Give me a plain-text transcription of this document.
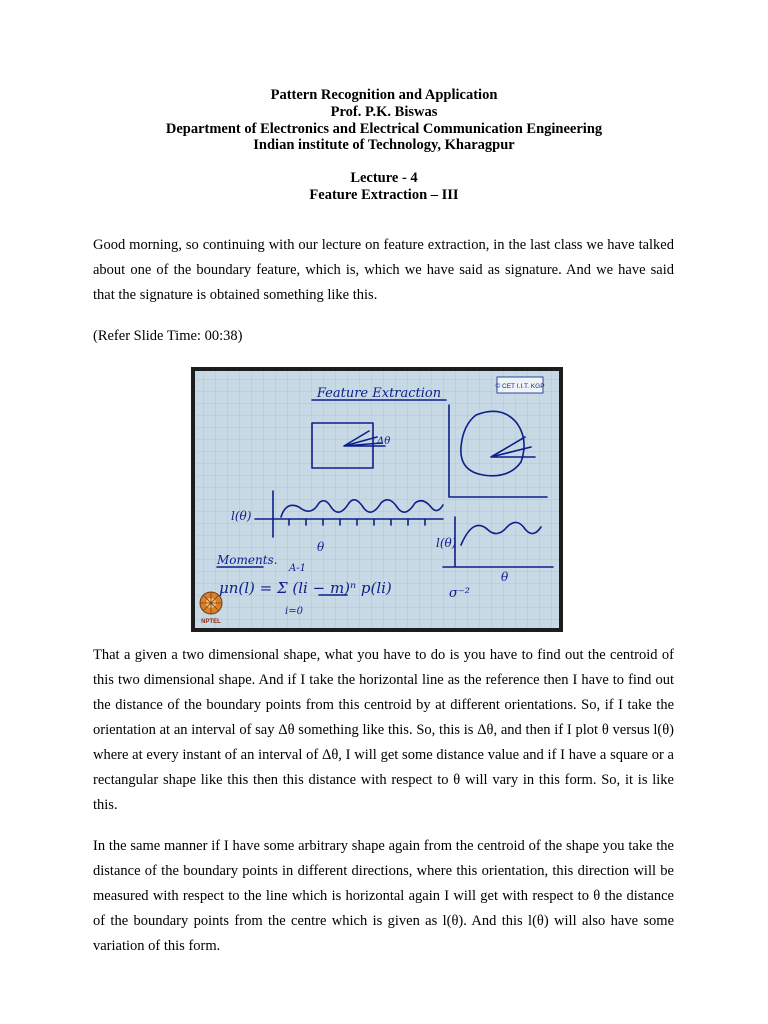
Pattern Recognition and Application
Prof. P.K. Biswas
Department of Electronics and Electrical Communication Engineering
Indian institute of Technology, Kharagpur
Lecture - 4
Feature Extraction – III

Good morning, so continuing with our lecture on feature extraction, in the last class we have talked about one of the boundary feature, which is, which we have said as signature. And we have said that the signature is obtained something like this.

(Refer Slide Time: 00:38)

© CET I.I.T. KGP
Feature Extraction
Δθ
l(θ)
θ	l(θ)
θ
Moments.
A-1
μn(l) = Σ (li − m)ⁿ p(li)
i=0
σ⁻²
NPTEL

That a given a two dimensional shape, what you have to do is you have to find out the centroid of this two dimensional shape. And if I take the horizontal line as the reference then I have to find out the distance of the boundary points from this centroid by at different orientations. So, if I take the orientation at an interval of say Δθ something like this. So, this is Δθ, and then if I plot θ versus l(θ) where at every instant of an interval of Δθ, I will get some distance value and if I have a square or a rectangular shape like this then this distance with respect to θ will vary in this form. So, it is like this.

In the same manner if I have some arbitrary shape again from the centroid of the shape you take the distance of the boundary points in different directions, where this orientation, this direction will be measured with respect to the line which is horizontal again I will get with respect to θ the distance of the boundary points from the centre which is given as l(θ). And this l(θ) will also have some variation of this form.
